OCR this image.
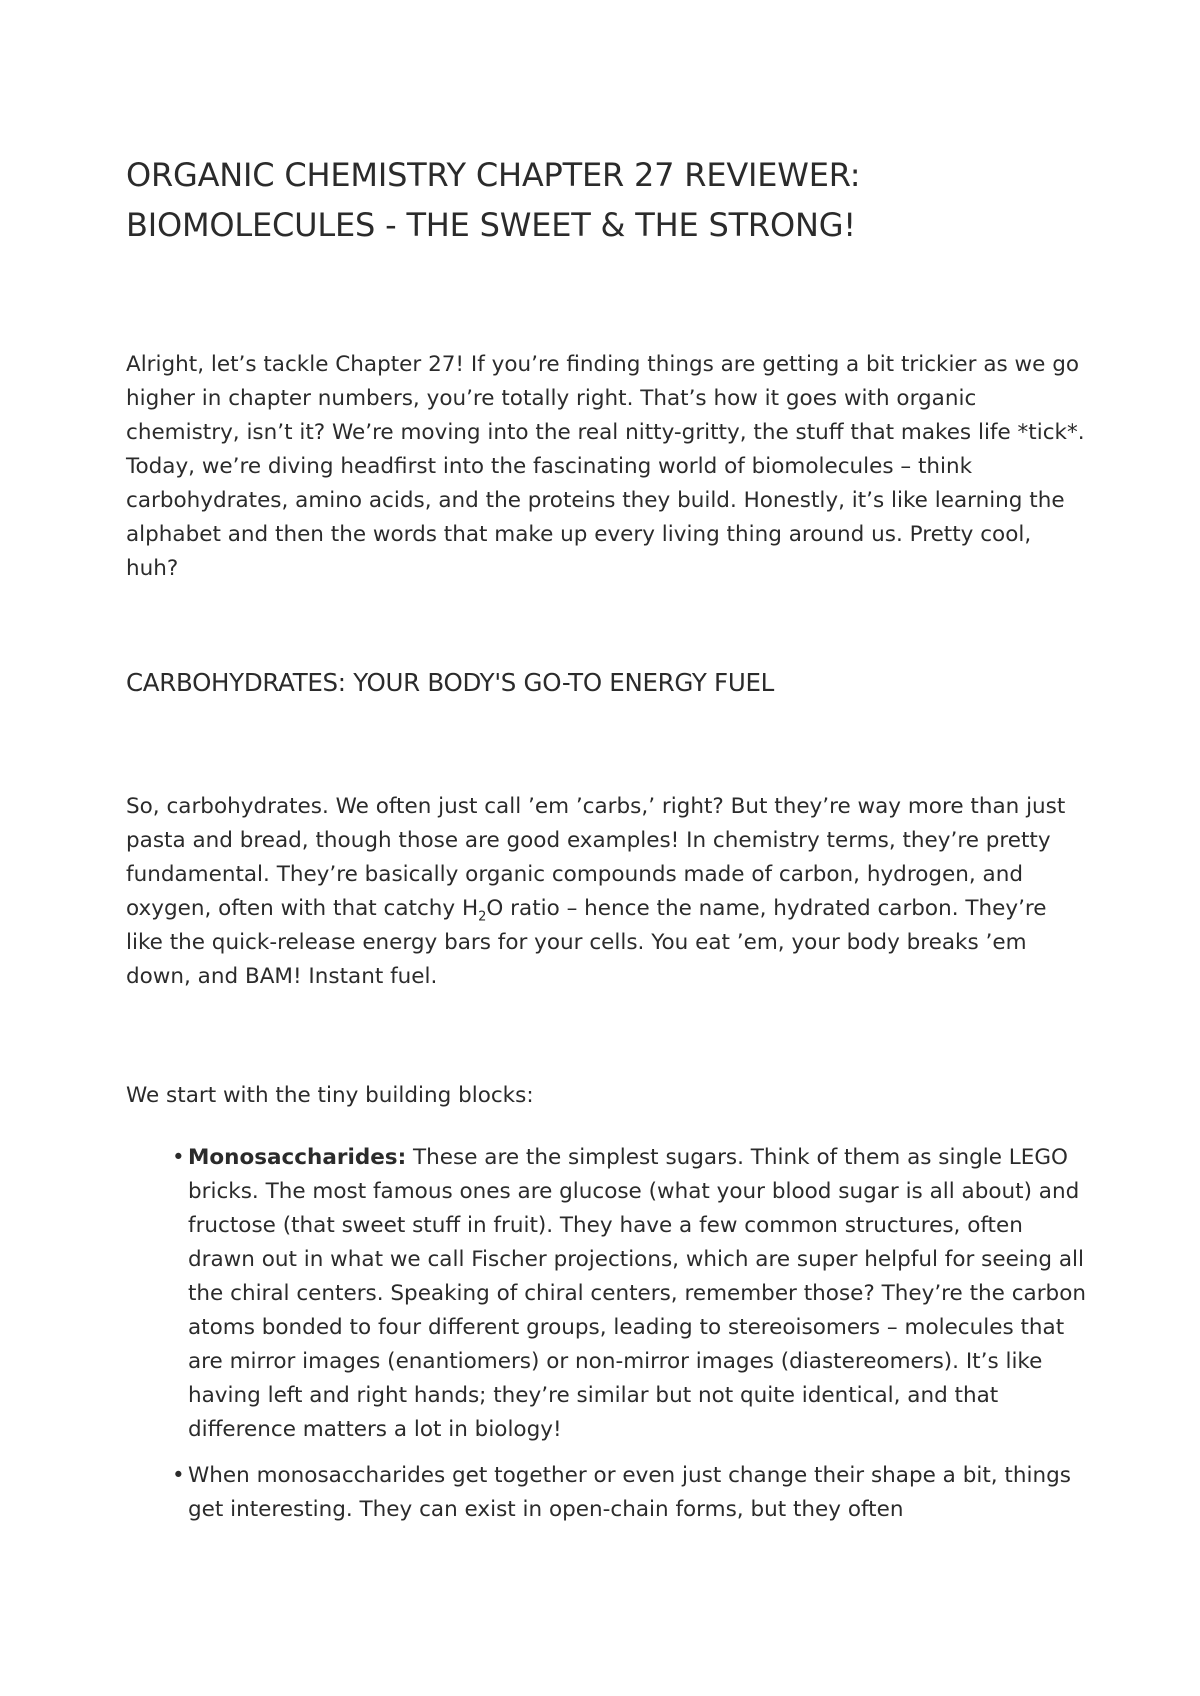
ORGANIC CHEMISTRY CHAPTER 27 REVIEWER:
BIOMOLECULES - THE SWEET & THE STRONG!

Alright, let’s tackle Chapter 27! If you’re finding things are getting a bit trickier as we go higher in chapter numbers, you’re totally right. That’s how it goes with organic chemistry, isn’t it? We’re moving into the real nitty-gritty, the stuff that makes life *tick*. Today, we’re diving headfirst into the fascinating world of biomolecules – think carbohydrates, amino acids, and the proteins they build. Honestly, it’s like learning the alphabet and then the words that make up every living thing around us. Pretty cool, huh?

CARBOHYDRATES: YOUR BODY'S GO-TO ENERGY FUEL

So, carbohydrates. We often just call ’em ’carbs,’ right? But they’re way more than just pasta and bread, though those are good examples! In chemistry terms, they’re pretty fundamental. They’re basically organic compounds made of carbon, hydrogen, and oxygen, often with that catchy $H_2O$ ratio – hence the name, hydrated carbon. They’re like the quick-release energy bars for your cells. You eat ’em, your body breaks ’em down, and BAM! Instant fuel.

We start with the tiny building blocks:

• Monosaccharides: These are the simplest sugars. Think of them as single LEGO bricks. The most famous ones are glucose (what your blood sugar is all about) and fructose (that sweet stuff in fruit). They have a few common structures, often drawn out in what we call Fischer projections, which are super helpful for seeing all the chiral centers. Speaking of chiral centers, remember those? They’re the carbon atoms bonded to four different groups, leading to stereoisomers – molecules that are mirror images (enantiomers) or non-mirror images (diastereomers). It’s like having left and right hands; they’re similar but not quite identical, and that difference matters a lot in biology!
• When monosaccharides get together or even just change their shape a bit, things get interesting. They can exist in open-chain forms, but they often
